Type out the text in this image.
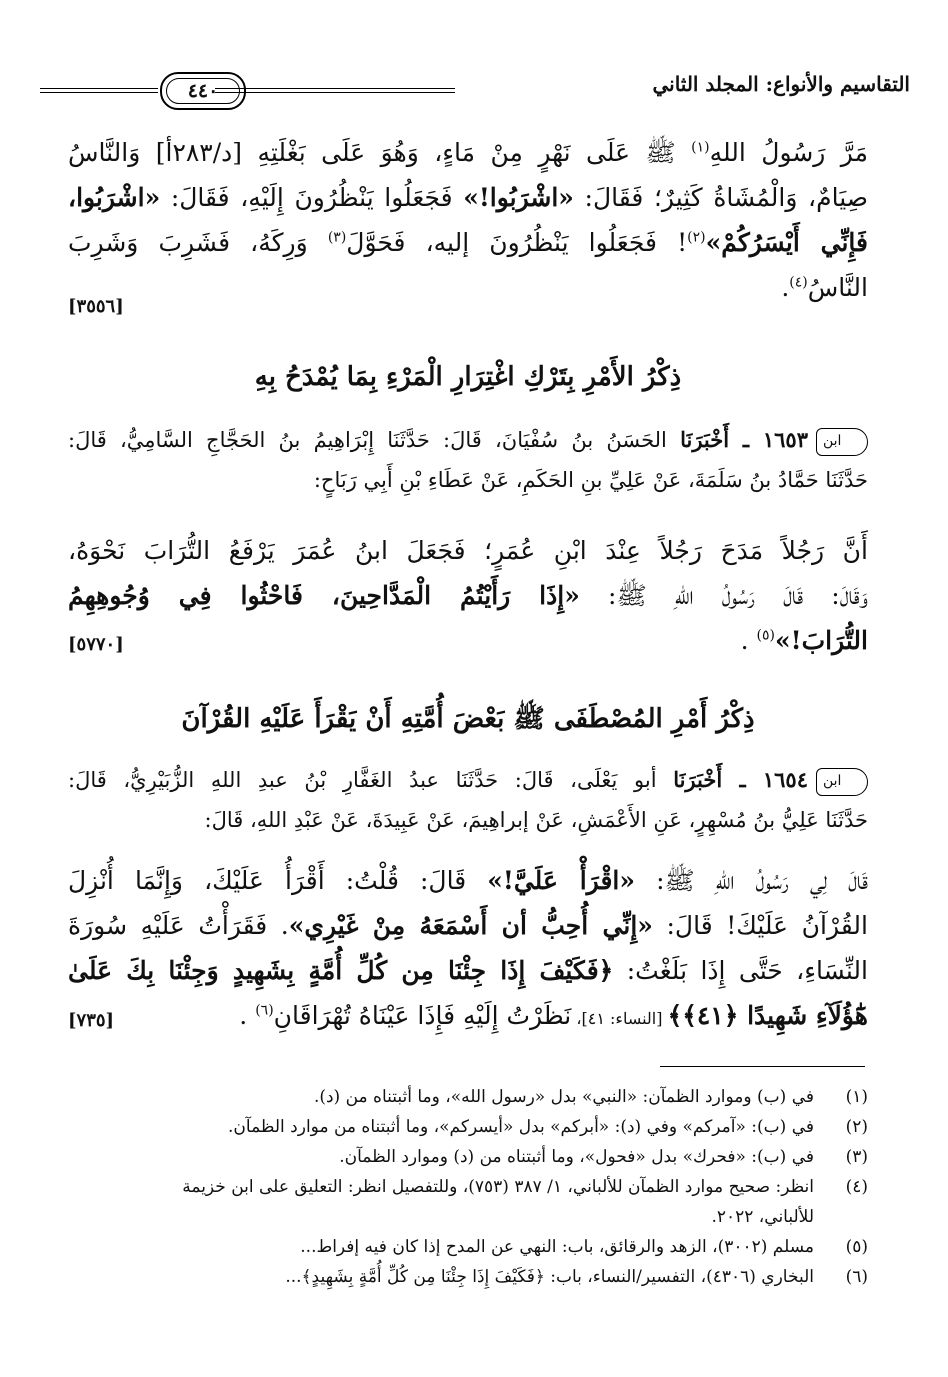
التقاسيم والأنواع: المجلد الثاني
٤٤٠
مَرَّ رَسُولُ اللهِ$^{(١)}$ ﷺ عَلَى نَهْرٍ مِنْ مَاءٍ، وَهُوَ عَلَى بَغْلَتِهِ [د/٢٨٣أ] وَالنَّاسُ
صِيَامٌ، وَالْمُشَاةُ كَثِيرٌ؛ فَقَالَ: «اشْرَبُوا!» فَجَعَلُوا يَنْظُرُونَ إِلَيْهِ، فَقَالَ: «اشْرَبُوا،
فَإِنِّي أَيْسَرُكُمْ»$^{(٢)}$! فَجَعَلُوا يَنْظُرُونَ إليه، فَحَوَّلَ$^{(٣)}$ وَرِكَهُ، فَشَرِبَ وَشَرِبَ
النَّاسُ$^{(٤)}$.
[٣٥٥٦]
ذِكْرُ الأَمْرِ بِتَرْكِ اغْتِرَارِ الْمَرْءِ بِمَا يُمْدَحُ بِهِ
ابن
١٦٥٣ ـ أَخْبَرَنَا الحَسَنُ بنُ سُفْيَانَ، قَالَ: حَدَّثَنَا إِبْرَاهِيمُ بنُ الحَجَّاجِ السَّامِيُّ، قَالَ:
حَدَّثَنَا حَمَّادُ بنُ سَلَمَةَ، عَنْ عَلِيِّ بنِ الحَكَمِ، عَنْ عَطَاءِ بْنِ أَبِي رَبَاحٍ:
أَنَّ رَجُلاً مَدَحَ رَجُلاً عِنْدَ ابْنِ عُمَرٍ؛ فَجَعَلَ ابنُ عُمَرَ يَرْفَعُ التُّرَابَ نَحْوَهُ،
وَقَالَ: قَالَ رَسُولُ اللهِ ﷺ: «إِذَا رَأَيْتُمُ الْمَدَّاحِينَ، فَاحْثُوا فِي وُجُوهِهِمُ
التُّرَابَ!»$^{(٥)}$ .
[٥٧٧٠]
ذِكْرُ أَمْرِ المُصْطَفَى ﷺ بَعْضَ أُمَّتِهِ أَنْ يَقْرَأَ عَلَيْهِ القُرْآنَ
ابن
١٦٥٤ ـ أَخْبَرَنَا أبو يَعْلَى، قَالَ: حَدَّثَنَا عبدُ الغَفَّارِ بْنُ عبدِ اللهِ الزُّبَيْرِيُّ، قَالَ:
حَدَّثَنَا عَلِيُّ بنُ مُسْهِرٍ، عَنِ الأَعْمَشِ، عَنْ إبراهِيمَ، عَنْ عَبِيدَةَ، عَنْ عَبْدِ اللهِ، قَالَ:
قَالَ لِي رَسُولُ اللهِ ﷺ: «اقْرَأْ عَلَيَّ!» قَالَ: قُلْتُ: أَقْرَأُ عَلَيْكَ، وَإِنَّمَا أُنْزِلَ
القُرْآنُ عَلَيْكَ! قَالَ: «إِنِّي أُحِبُّ أن أَسْمَعَهُ مِنْ غَيْرِي». فَقَرَأْتُ عَلَيْهِ سُورَةَ
النِّسَاءِ، حَتَّى إِذَا بَلَغْتُ: ﴿فَكَيْفَ إِذَا جِئْنَا مِن كُلِّ أُمَّةٍ بِشَهِيدٍ وَجِئْنَا بِكَ عَلَىٰ
هَٰٓؤُلَآءِ شَهِيدًا ﴿٤١﴾﴾ [النساء: ٤١]، نَظَرْتُ إِلَيْهِ فَإِذَا عَيْنَاهُ تُهْرَاقَانِ$^{(٦)}$ .
[٧٣٥]
(١)
في (ب) وموارد الظمآن: «النبي» بدل «رسول الله»، وما أثبتناه من (د).
(٢)
في (ب): «آمركم» وفي (د): «أبركم» بدل «أيسركم»، وما أثبتناه من موارد الظمآن.
(٣)
في (ب): «فحرك» بدل «فحول»، وما أثبتناه من (د) وموارد الظمآن.
(٤)
انظر: صحيح موارد الظمآن للألباني، ١/ ٣٨٧ (٧٥٣)، وللتفصيل انظر: التعليق على ابن خزيمة
للألباني، ٢٠٢٢.
(٥)
مسلم (٣٠٠٢)، الزهد والرقائق، باب: النهي عن المدح إذا كان فيه إفراط...
(٦)
البخاري (٤٣٠٦)، التفسير/النساء، باب: ﴿فَكَيْفَ إِذَا جِئْنَا مِن كُلِّ أُمَّةٍ بِشَهِيدٍ﴾...
